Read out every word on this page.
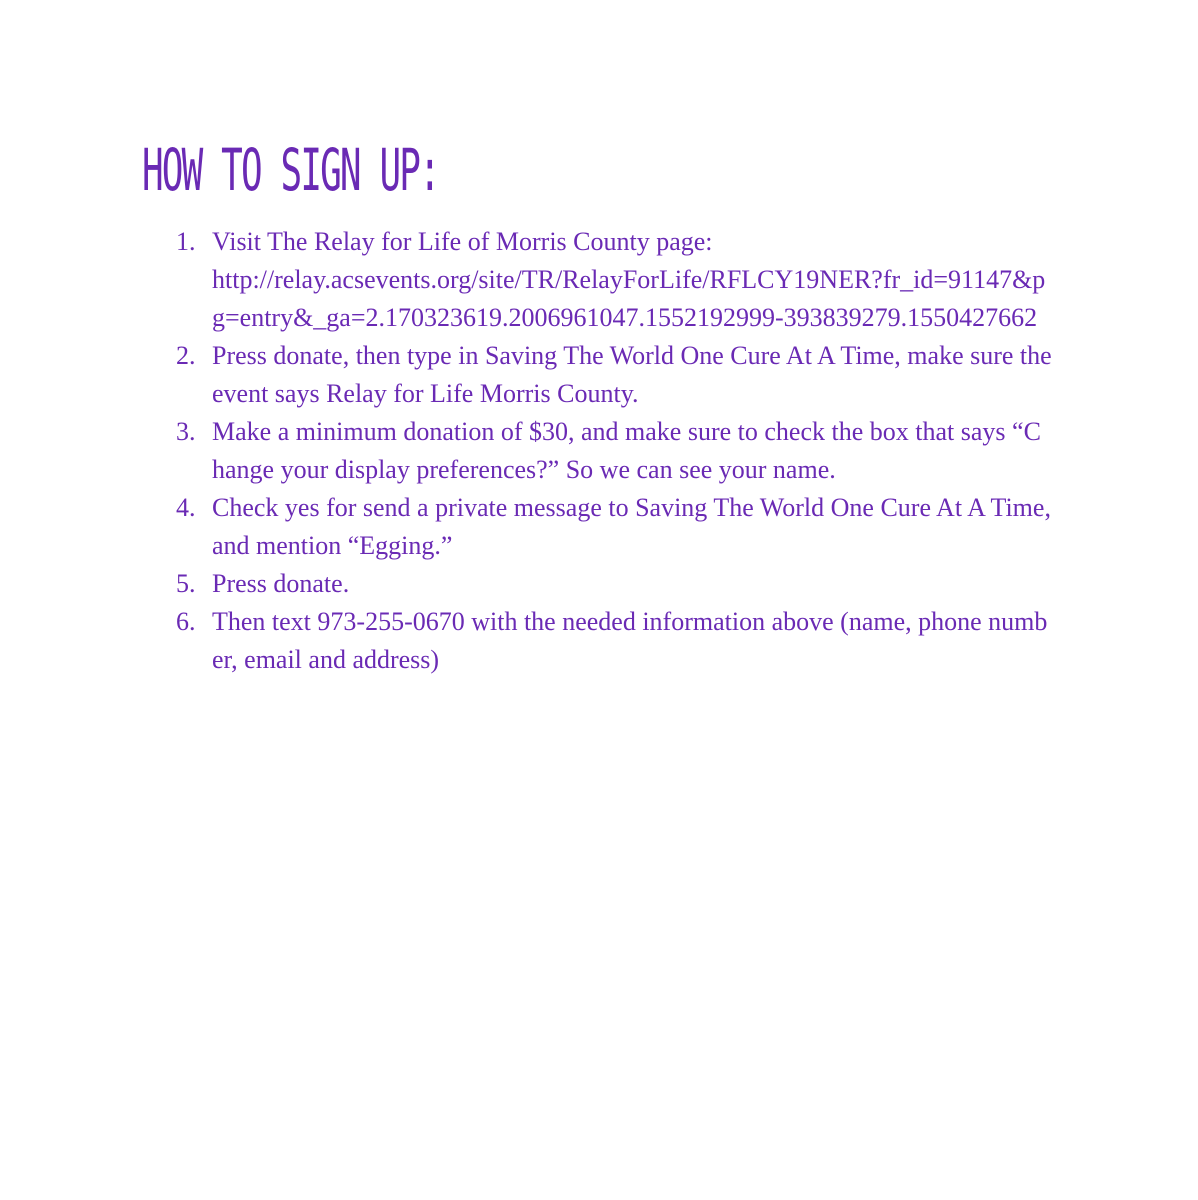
HOW TO SIGN UP:
1. Visit The Relay for Life of Morris County page:
http://relay.acsevents.org/site/TR/RelayForLife/RFLCY19NER?fr_id=91147&pg=entry&_ga=2.170323619.2006961047.1552192999-393839279.1550427662
2. Press donate, then type in Saving The World One Cure At A Time, make sure the event says Relay for Life Morris County.
3. Make a minimum donation of $30, and make sure to check the box that says “Change your display preferences?” So we can see your name.
4. Check yes for send a private message to Saving The World One Cure At A Time, and mention “Egging.”
5. Press donate.
6. Then text 973-255-0670 with the needed information above (name, phone number, email and address)
